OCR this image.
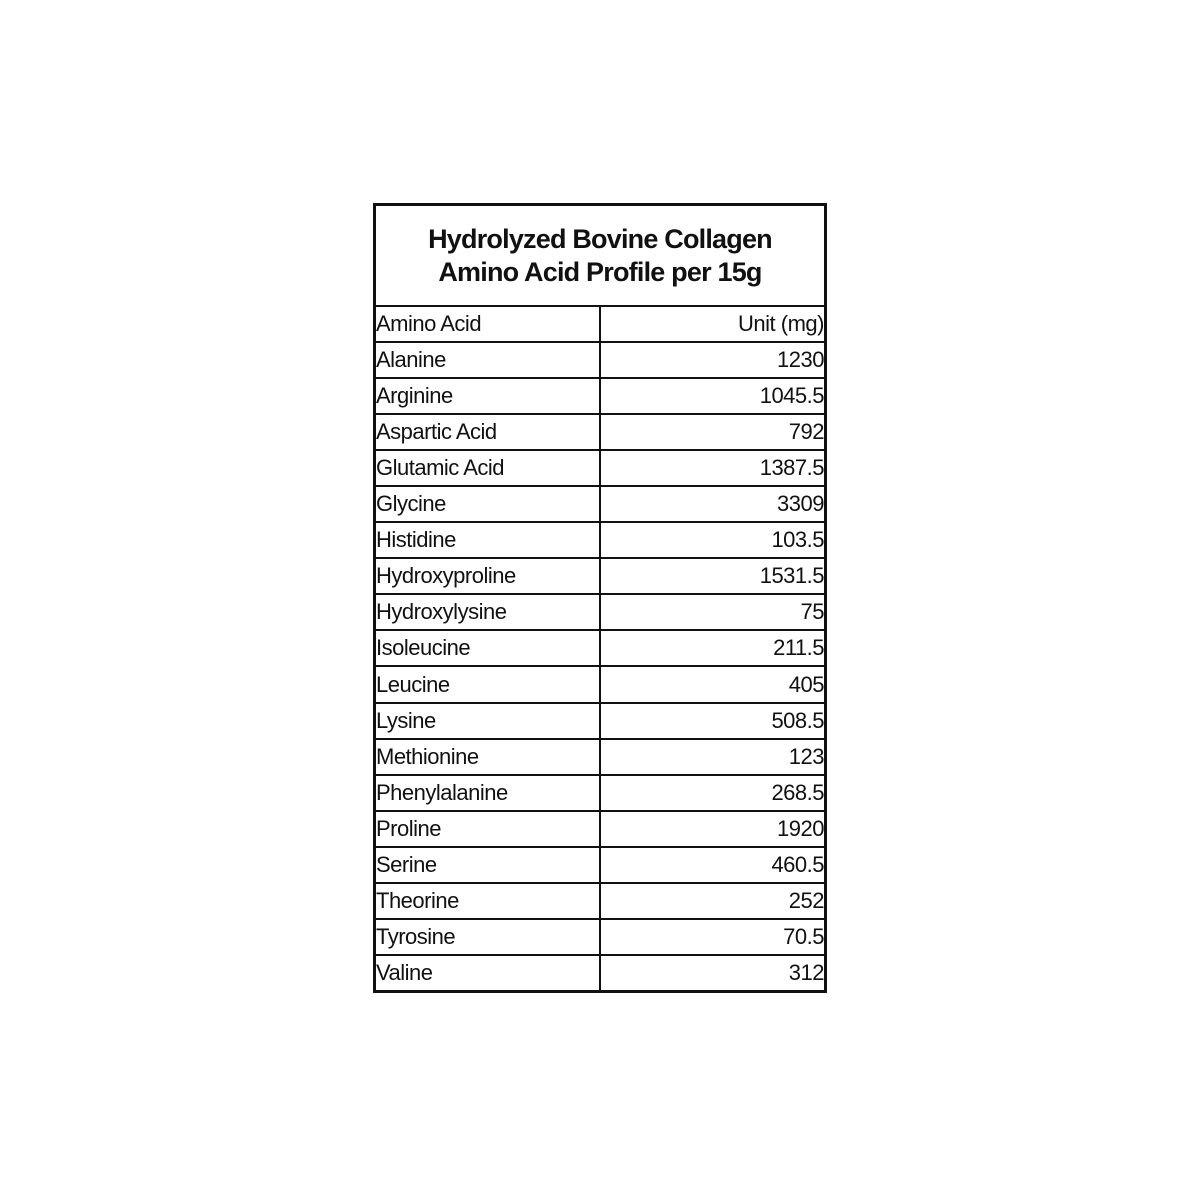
Hydrolyzed Bovine Collagen
Amino Acid Profile per 15g
Amino Acid	Unit (mg)
Alanine	1230
Arginine	1045.5
Aspartic Acid	792
Glutamic Acid	1387.5
Glycine	3309
Histidine	103.5
Hydroxyproline	1531.5
Hydroxylysine	75
Isoleucine	211.5
Leucine	405
Lysine	508.5
Methionine	123
Phenylalanine	268.5
Proline	1920
Serine	460.5
Theorine	252
Tyrosine	70.5
Valine	312
